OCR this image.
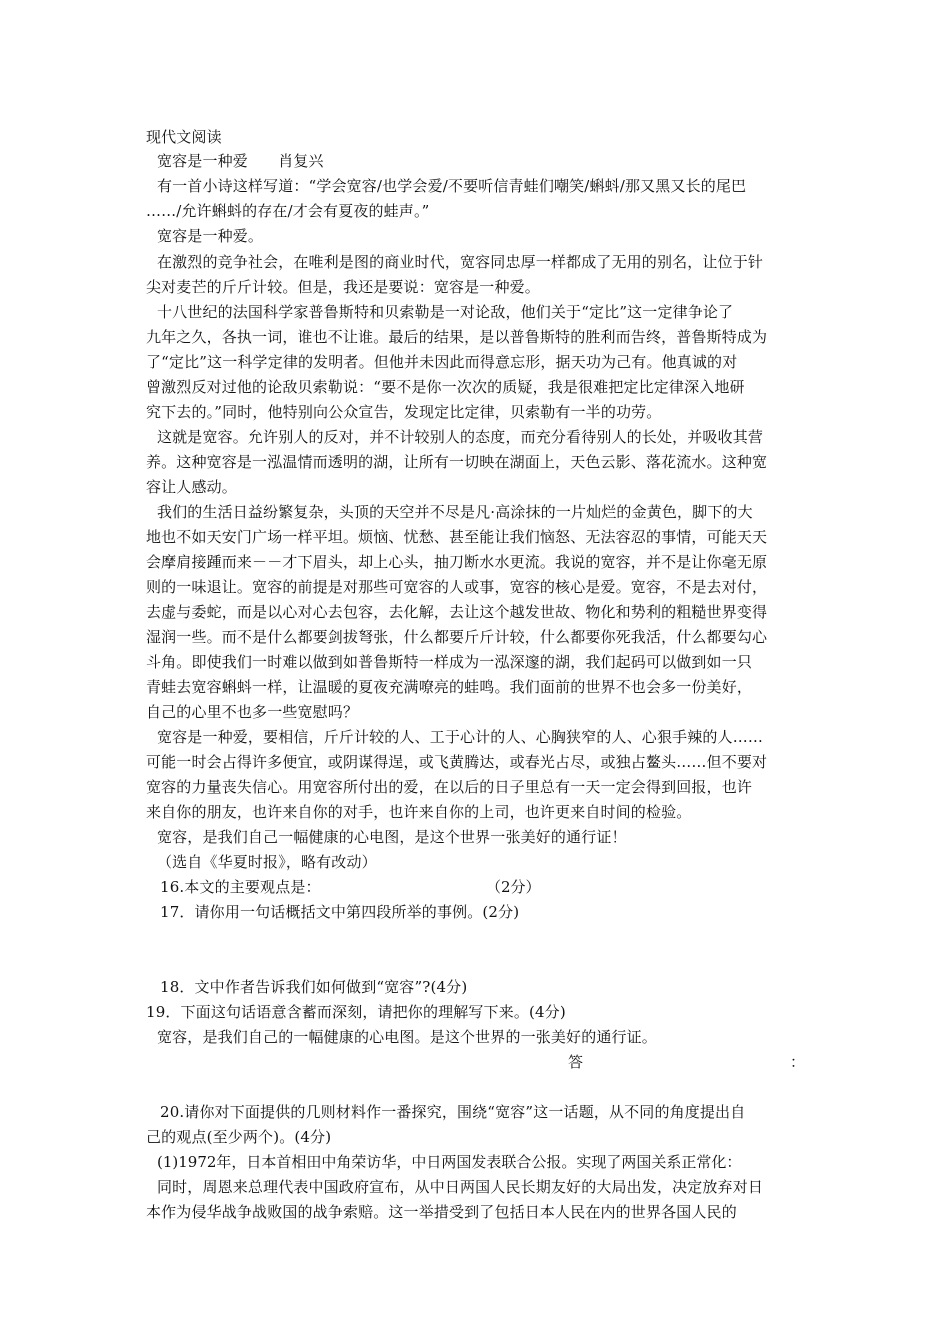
现代文阅读
宽容是一种爱　　肖复兴
有一首小诗这样写道：“学会宽容/也学会爱/不要听信青蛙们嘲笑/蝌蚪/那又黑又长的尾巴
……/允许蝌蚪的存在/才会有夏夜的蛙声。”
宽容是一种爱。
在激烈的竞争社会，在唯利是图的商业时代，宽容同忠厚一样都成了无用的别名，让位于针
尖对麦芒的斤斤计较。但是，我还是要说：宽容是一种爱。
十八世纪的法国科学家普鲁斯特和贝索勒是一对论敌，他们关于“定比”这一定律争论了
九年之久，各执一词，谁也不让谁。最后的结果，是以普鲁斯特的胜利而告终，普鲁斯特成为
了“定比”这一科学定律的发明者。但他并未因此而得意忘形，据天功为己有。他真诚的对
曾激烈反对过他的论敌贝索勒说：“要不是你一次次的质疑，我是很难把定比定律深入地研
究下去的。”同时，他特别向公众宣告，发现定比定律，贝索勒有一半的功劳。
这就是宽容。允许别人的反对，并不计较别人的态度，而充分看待别人的长处，并吸收其营
养。这种宽容是一泓温情而透明的湖，让所有一切映在湖面上，天色云影、落花流水。这种宽
容让人感动。
我们的生活日益纷繁复杂，头顶的天空并不尽是凡·高涂抹的一片灿烂的金黄色，脚下的大
地也不如天安门广场一样平坦。烦恼、忧愁、甚至能让我们恼怒、无法容忍的事情，可能天天
会摩肩接踵而来－－才下眉头，却上心头，抽刀断水水更流。我说的宽容，并不是让你毫无原
则的一味退让。宽容的前提是对那些可宽容的人或事，宽容的核心是爱。宽容，不是去对付，
去虚与委蛇，而是以心对心去包容，去化解，去让这个越发世故、物化和势利的粗糙世界变得
湿润一些。而不是什么都要剑拔弩张，什么都要斤斤计较，什么都要你死我活，什么都要勾心
斗角。即使我们一时难以做到如普鲁斯特一样成为一泓深邃的湖，我们起码可以做到如一只
青蛙去宽容蝌蚪一样，让温暖的夏夜充满嘹亮的蛙鸣。我们面前的世界不也会多一份美好，
自己的心里不也多一些宽慰吗？
宽容是一种爱，要相信，斤斤计较的人、工于心计的人、心胸狭窄的人、心狠手辣的人……
可能一时会占得许多便宜，或阴谋得逞，或飞黄腾达，或春光占尽，或独占鳌头……但不要对
宽容的力量丧失信心。用宽容所付出的爱，在以后的日子里总有一天一定会得到回报，也许
来自你的朋友，也许来自你的对手，也许来自你的上司，也许更来自时间的检验。
宽容，是我们自己一幅健康的心电图，是这个世界一张美好的通行证！
（选自《华夏时报》，略有改动）
16.本文的主要观点是：	（2分）
17．请你用一句话概括文中第四段所举的事例。(2分)
18．文中作者告诉我们如何做到“宽容”?(4分)
19．下面这句话语意含蓄而深刻，请把你的理解写下来。(4分)
宽容，是我们自己的一幅健康的心电图。是这个世界的一张美好的通行证。
答	：
20.请你对下面提供的几则材料作一番探究，围绕“宽容”这一话题，从不同的角度提出自
己的观点(至少两个)。(4分)
(1)1972年，日本首相田中角荣访华，中日两国发表联合公报。实现了两国关系正常化：
同时，周恩来总理代表中国政府宣布，从中日两国人民长期友好的大局出发，决定放弃对日
本作为侵华战争战败国的战争索赔。这一举措受到了包括日本人民在内的世界各国人民的
